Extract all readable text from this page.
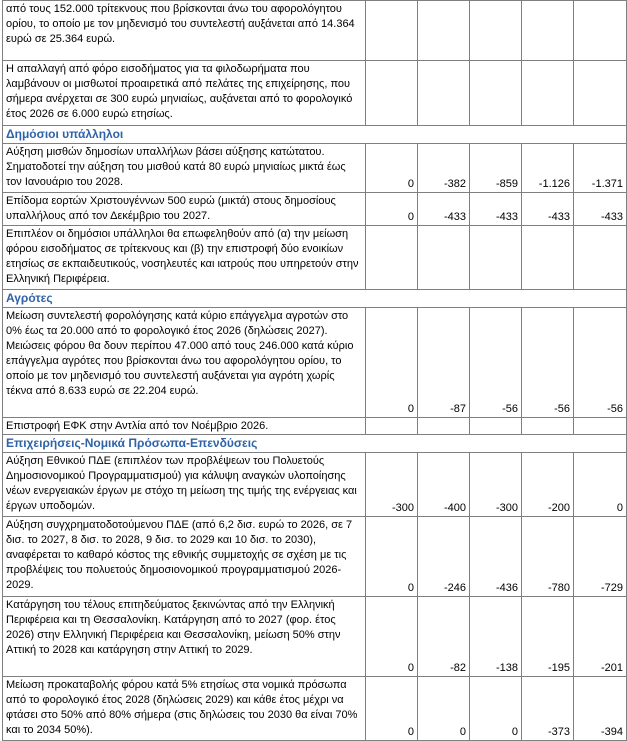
από τους 152.000 τρίτεκνους που βρίσκονται άνω του αφορολόγητου ορίου, το οποίο με τον μηδενισμό του συντελεστή αυξάνεται από 14.364 ευρώ σε 25.364 ευρώ.					
Η απαλλαγή από φόρο εισοδήματος για τα φιλοδωρήματα που λαμβάνουν οι μισθωτοί προαιρετικά από πελάτες της επιχείρησης, που σήμερα ανέρχεται σε 300 ευρώ μηνιαίως, αυξάνεται από το φορολογικό έτος 2026 σε 6.000 ευρώ ετησίως.					
Δημόσιοι υπάλληλοι					
Αύξηση μισθών δημοσίων υπαλλήλων βάσει αύξησης κατώτατου. Σηματοδοτεί την αύξηση του μισθού κατά 80 ευρώ μηνιαίως μικτά έως τον Ιανουάριο του 2028.	0	-382	-859	-1.126	-1.371
Επίδομα εορτών Χριστουγέννων 500 ευρώ (μικτά) στους δημοσίους υπαλλήλους από τον Δεκέμβριο του 2027.	0	-433	-433	-433	-433
Επιπλέον οι δημόσιοι υπάλληλοι θα επωφεληθούν από (α) την μείωση φόρου εισοδήματος σε τρίτεκνους και (β) την επιστροφή δύο ενοικίων ετησίως σε εκπαιδευτικούς, νοσηλευτές και ιατρούς που υπηρετούν στην Ελληνική Περιφέρεια.					
Αγρότες					
Μείωση συντελεστή φορολόγησης κατά κύριο επάγγελμα αγροτών στο 0% έως τα 20.000 από το φορολογικό έτος 2026 (δηλώσεις 2027). Μειώσεις φόρου θα δουν περίπου 47.000 από τους 246.000 κατά κύριο επάγγελμα αγρότες που βρίσκονται άνω του αφορολόγητου ορίου, το οποίο με τον μηδενισμό του συντελεστή αυξάνεται για αγρότη χωρίς τέκνα από 8.633 ευρώ σε 22.204 ευρώ.	0	-87	-56	-56	-56
Επιστροφή ΕΦΚ στην Αντλία από τον Νοέμβριο 2026.					
Επιχειρήσεις-Νομικά Πρόσωπα-Επενδύσεις					
Αύξηση Εθνικού ΠΔΕ (επιπλέον των προβλέψεων του Πολυετούς Δημοσιονομικού Προγραμματισμού) για κάλυψη αναγκών υλοποίησης νέων ενεργειακών έργων με στόχο τη μείωση της τιμής της ενέργειας και έργων υποδομών.	-300	-400	-300	-200	0
Αύξηση συγχρηματοδοτούμενου ΠΔΕ (από 6,2 δισ. ευρώ το 2026, σε 7 δισ. το 2027, 8 δισ. το 2028, 9 δισ. το 2029 και 10 δισ. το 2030), αναφέρεται το καθαρό κόστος της εθνικής συμμετοχής σε σχέση με τις προβλέψεις του πολυετούς δημοσιονομικού προγραμματισμού 2026-2029.	0	-246	-436	-780	-729
Κατάργηση του τέλους επιτηδεύματος ξεκινώντας από την Ελληνική Περιφέρεια και τη Θεσσαλονίκη. Κατάργηση από το 2027 (φορ. έτος 2026) στην Ελληνική Περιφέρεια και Θεσσαλονίκη, μείωση 50% στην Αττική το 2028 και κατάργηση στην Αττική το 2029.	0	-82	-138	-195	-201
Μείωση προκαταβολής φόρου κατά 5% ετησίως στα νομικά πρόσωπα από το φορολογικό έτος 2028 (δηλώσεις 2029) και κάθε έτος μέχρι να φτάσει στο 50% από 80% σήμερα (στις δηλώσεις του 2030 θα είναι 70% και το 2034 50%).	0	0	0	-373	-394
